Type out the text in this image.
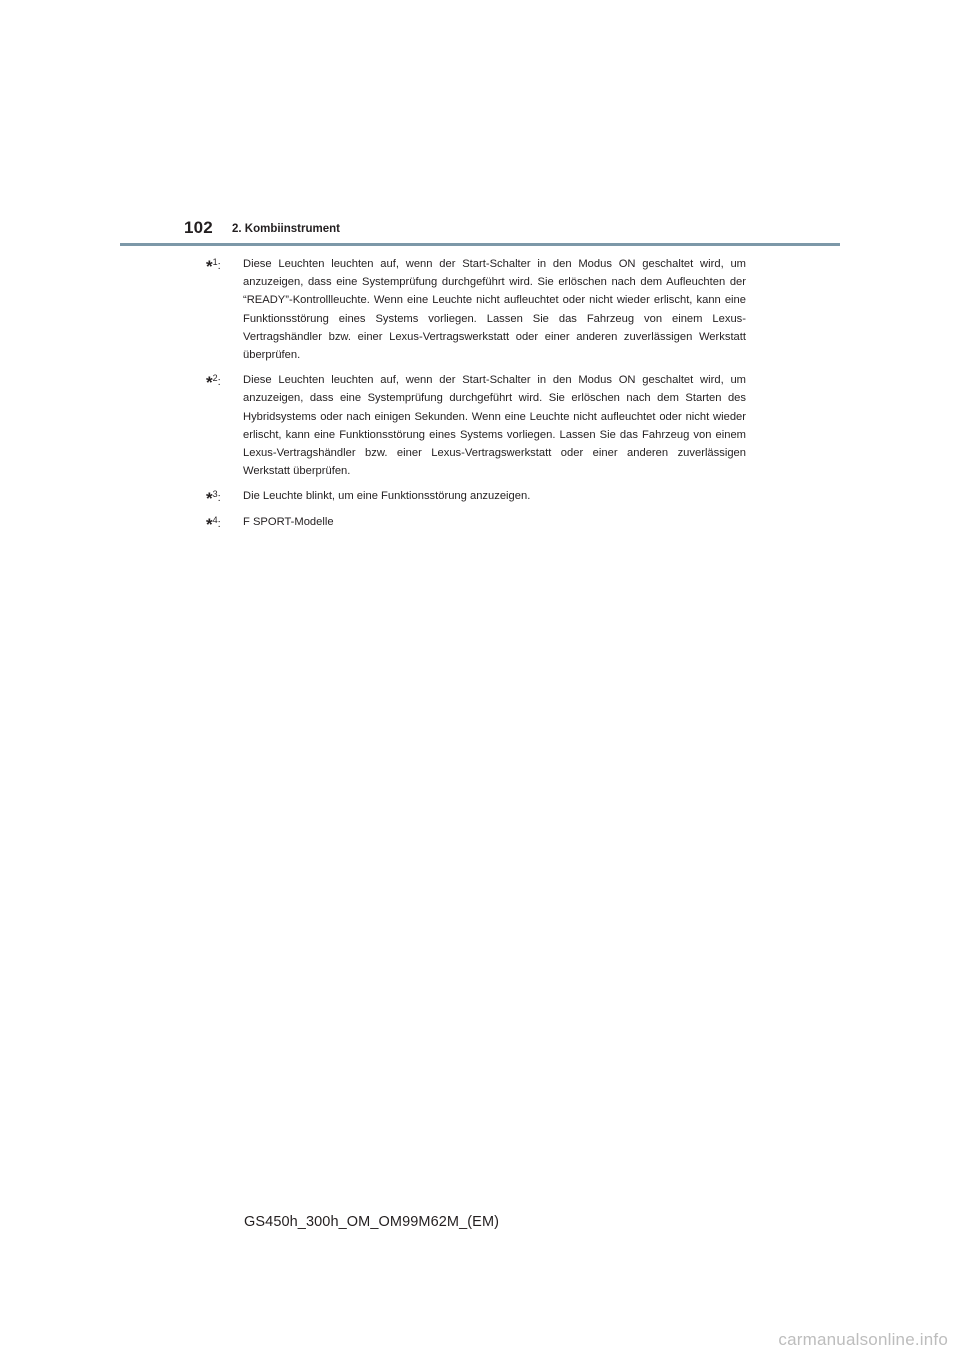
102 2. Kombiinstrument
*$^1$: Diese Leuchten leuchten auf, wenn der Start-Schalter in den Modus ON geschaltet wird, um anzuzeigen, dass eine Systemprüfung durchgeführt wird. Sie erlöschen nach dem Aufleuchten der “READY”-Kontrollleuchte. Wenn eine Leuchte nicht aufleuchtet oder nicht wieder erlischt, kann eine Funktionsstörung eines Systems vorliegen. Lassen Sie das Fahrzeug von einem Lexus-Vertragshändler bzw. einer Lexus-Vertragswerkstatt oder einer anderen zuverlässigen Werkstatt überprüfen.
*$^2$: Diese Leuchten leuchten auf, wenn der Start-Schalter in den Modus ON geschaltet wird, um anzuzeigen, dass eine Systemprüfung durchgeführt wird. Sie erlöschen nach dem Starten des Hybridsystems oder nach einigen Sekunden. Wenn eine Leuchte nicht aufleuchtet oder nicht wieder erlischt, kann eine Funktionsstörung eines Systems vorliegen. Lassen Sie das Fahrzeug von einem Lexus-Vertragshändler bzw. einer Lexus-Vertragswerkstatt oder einer anderen zuverlässigen Werkstatt überprüfen.
*$^3$: Die Leuchte blinkt, um eine Funktionsstörung anzuzeigen.
*$^4$: F SPORT-Modelle
GS450h_300h_OM_OM99M62M_(EM)
carmanualsonline.info
